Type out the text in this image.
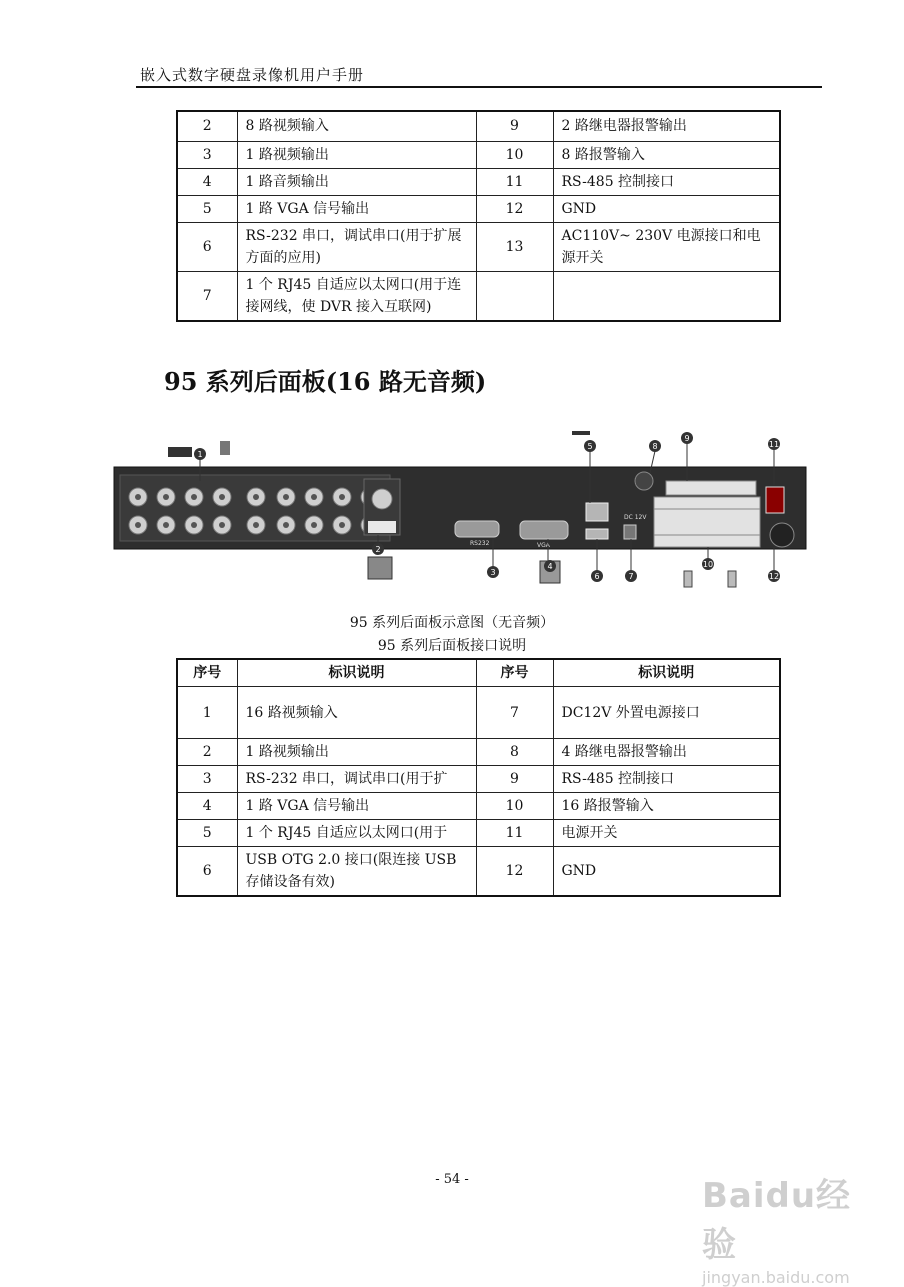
嵌入式数字硬盘录像机用户手册
2	8 路视频输入	9	2 路继电器报警输出
3	1 路视频输出	10	8 路报警输入
4	1 路音频输出	11	RS-485 控制接口
5	1 路 VGA 信号输出	12	GND
6	RS-232 串口，调试串口(用于扩展方面的应用)	13	AC110V~ 230V 电源接口和电源开关
7	1 个 RJ45 自适应以太网口(用于连接网线，使 DVR 接入互联网)		
95 系列后面板(16 路无音频)
RS232	VGA
DC 12V
1
2
3
4
5
6	7
8
9
10
11
12
95 系列后面板示意图（无音频）
95 系列后面板接口说明
序号	标识说明	序号	标识说明
1	16 路视频输入	7	DC12V 外置电源接口
2	1 路视频输出	8	4 路继电器报警输出
3	RS-232 串口，调试串口(用于扩	9	RS-485 控制接口
4	1 路 VGA 信号输出	10	16 路报警输入
5	1 个 RJ45 自适应以太网口(用于	11	电源开关
6	USB OTG 2.0 接口(限连接 USB 存储设备有效)	12	GND
- 54 -	Baidu经验
jingyan.baidu.com
